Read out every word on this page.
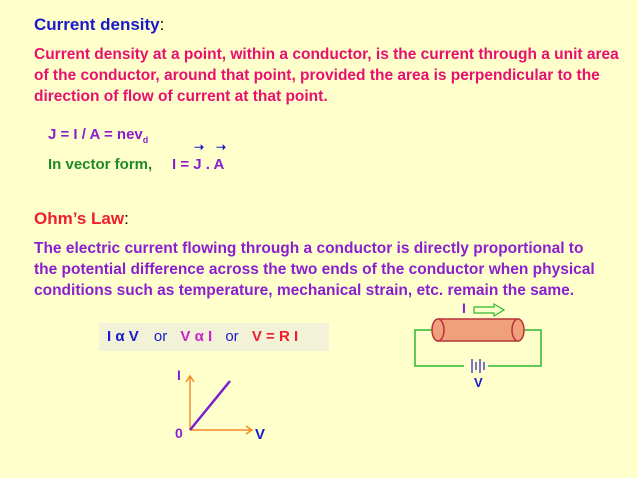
Current density:
Current density at a point, within a conductor, is the current through a unit area of the conductor, around that point, provided the area is perpendicular to the direction of flow of current at that point.
J = I / A = nev$_d$
In vector form, I = J . A
Ohm’s Law:
The electric current flowing through a conductor is directly proportional to the potential difference across the two ends of the conductor when physical conditions such as temperature, mechanical strain, etc. remain the same.
I α V or V α I or V = R I
➝ ➝
I
V
0
I
V
